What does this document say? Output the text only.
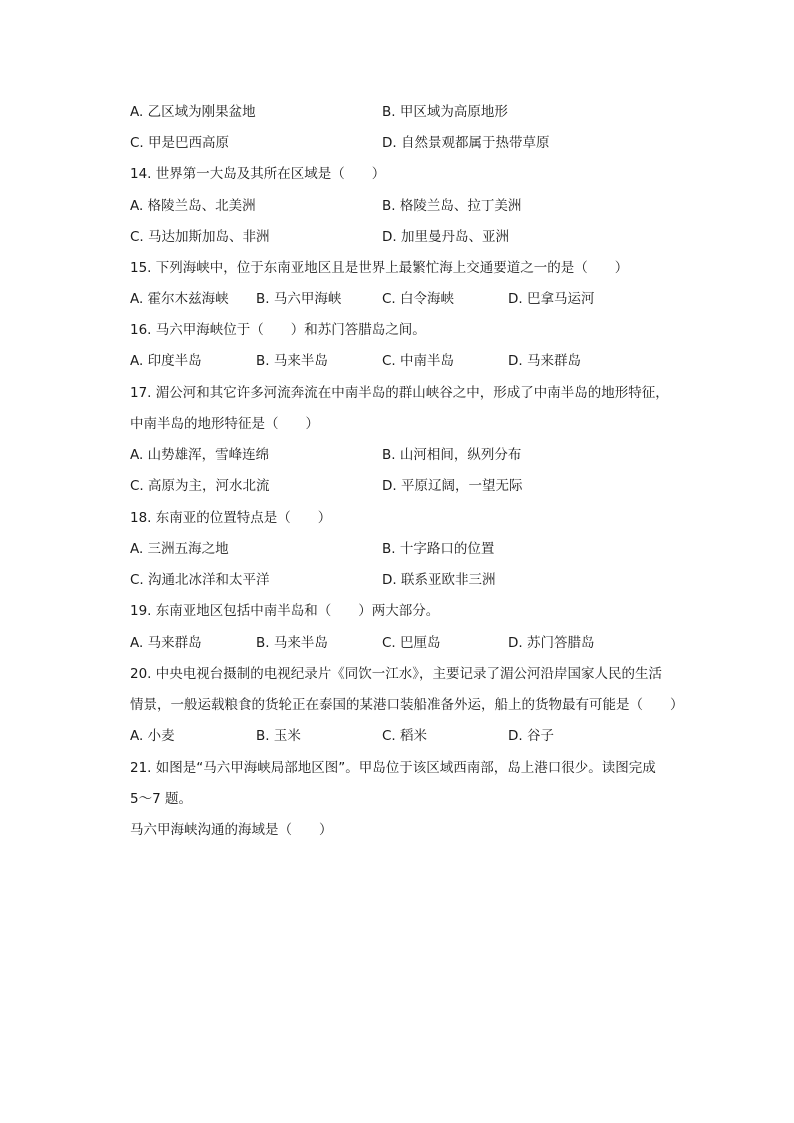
A. 乙区域为刚果盆地	B. 甲区域为高原地形
C. 甲是巴西高原	D. 自然景观都属于热带草原
14. 世界第一大岛及其所在区域是（　　）
A. 格陵兰岛、北美洲	B. 格陵兰岛、拉丁美洲
C. 马达加斯加岛、非洲	D. 加里曼丹岛、亚洲
15. 下列海峡中，位于东南亚地区且是世界上最繁忙海上交通要道之一的是（　　）
A. 霍尔木兹海峡 B. 马六甲海峡	C. 白令海峡	D. 巴拿马运河
16. 马六甲海峡位于（　　）和苏门答腊岛之间。
A. 印度半岛	B. 马来半岛	C. 中南半岛	D. 马来群岛
17. 湄公河和其它许多河流奔流在中南半岛的群山峡谷之中，形成了中南半岛的地形特征，
中南半岛的地形特征是（　　）
A. 山势雄浑，雪峰连绵	B. 山河相间，纵列分布
C. 高原为主，河水北流	D. 平原辽阔，一望无际
18. 东南亚的位置特点是（　　）
A. 三洲五海之地	B. 十字路口的位置
C. 沟通北冰洋和太平洋	D. 联系亚欧非三洲
19. 东南亚地区包括中南半岛和（　　）两大部分。
A. 马来群岛	B. 马来半岛	C. 巴厘岛	D. 苏门答腊岛
20. 中央电视台摄制的电视纪录片《同饮一江水》，主要记录了湄公河沿岸国家人民的生活
情景，一般运载粮食的货轮正在泰国的某港口装船准备外运，船上的货物最有可能是（　　）
A. 小麦	B. 玉米	C. 稻米	D. 谷子
21. 如图是“马六甲海峡局部地区图”。甲岛位于该区域西南部，岛上港口很少。读图完成
5～7 题。
马六甲海峡沟通的海域是（　　）
